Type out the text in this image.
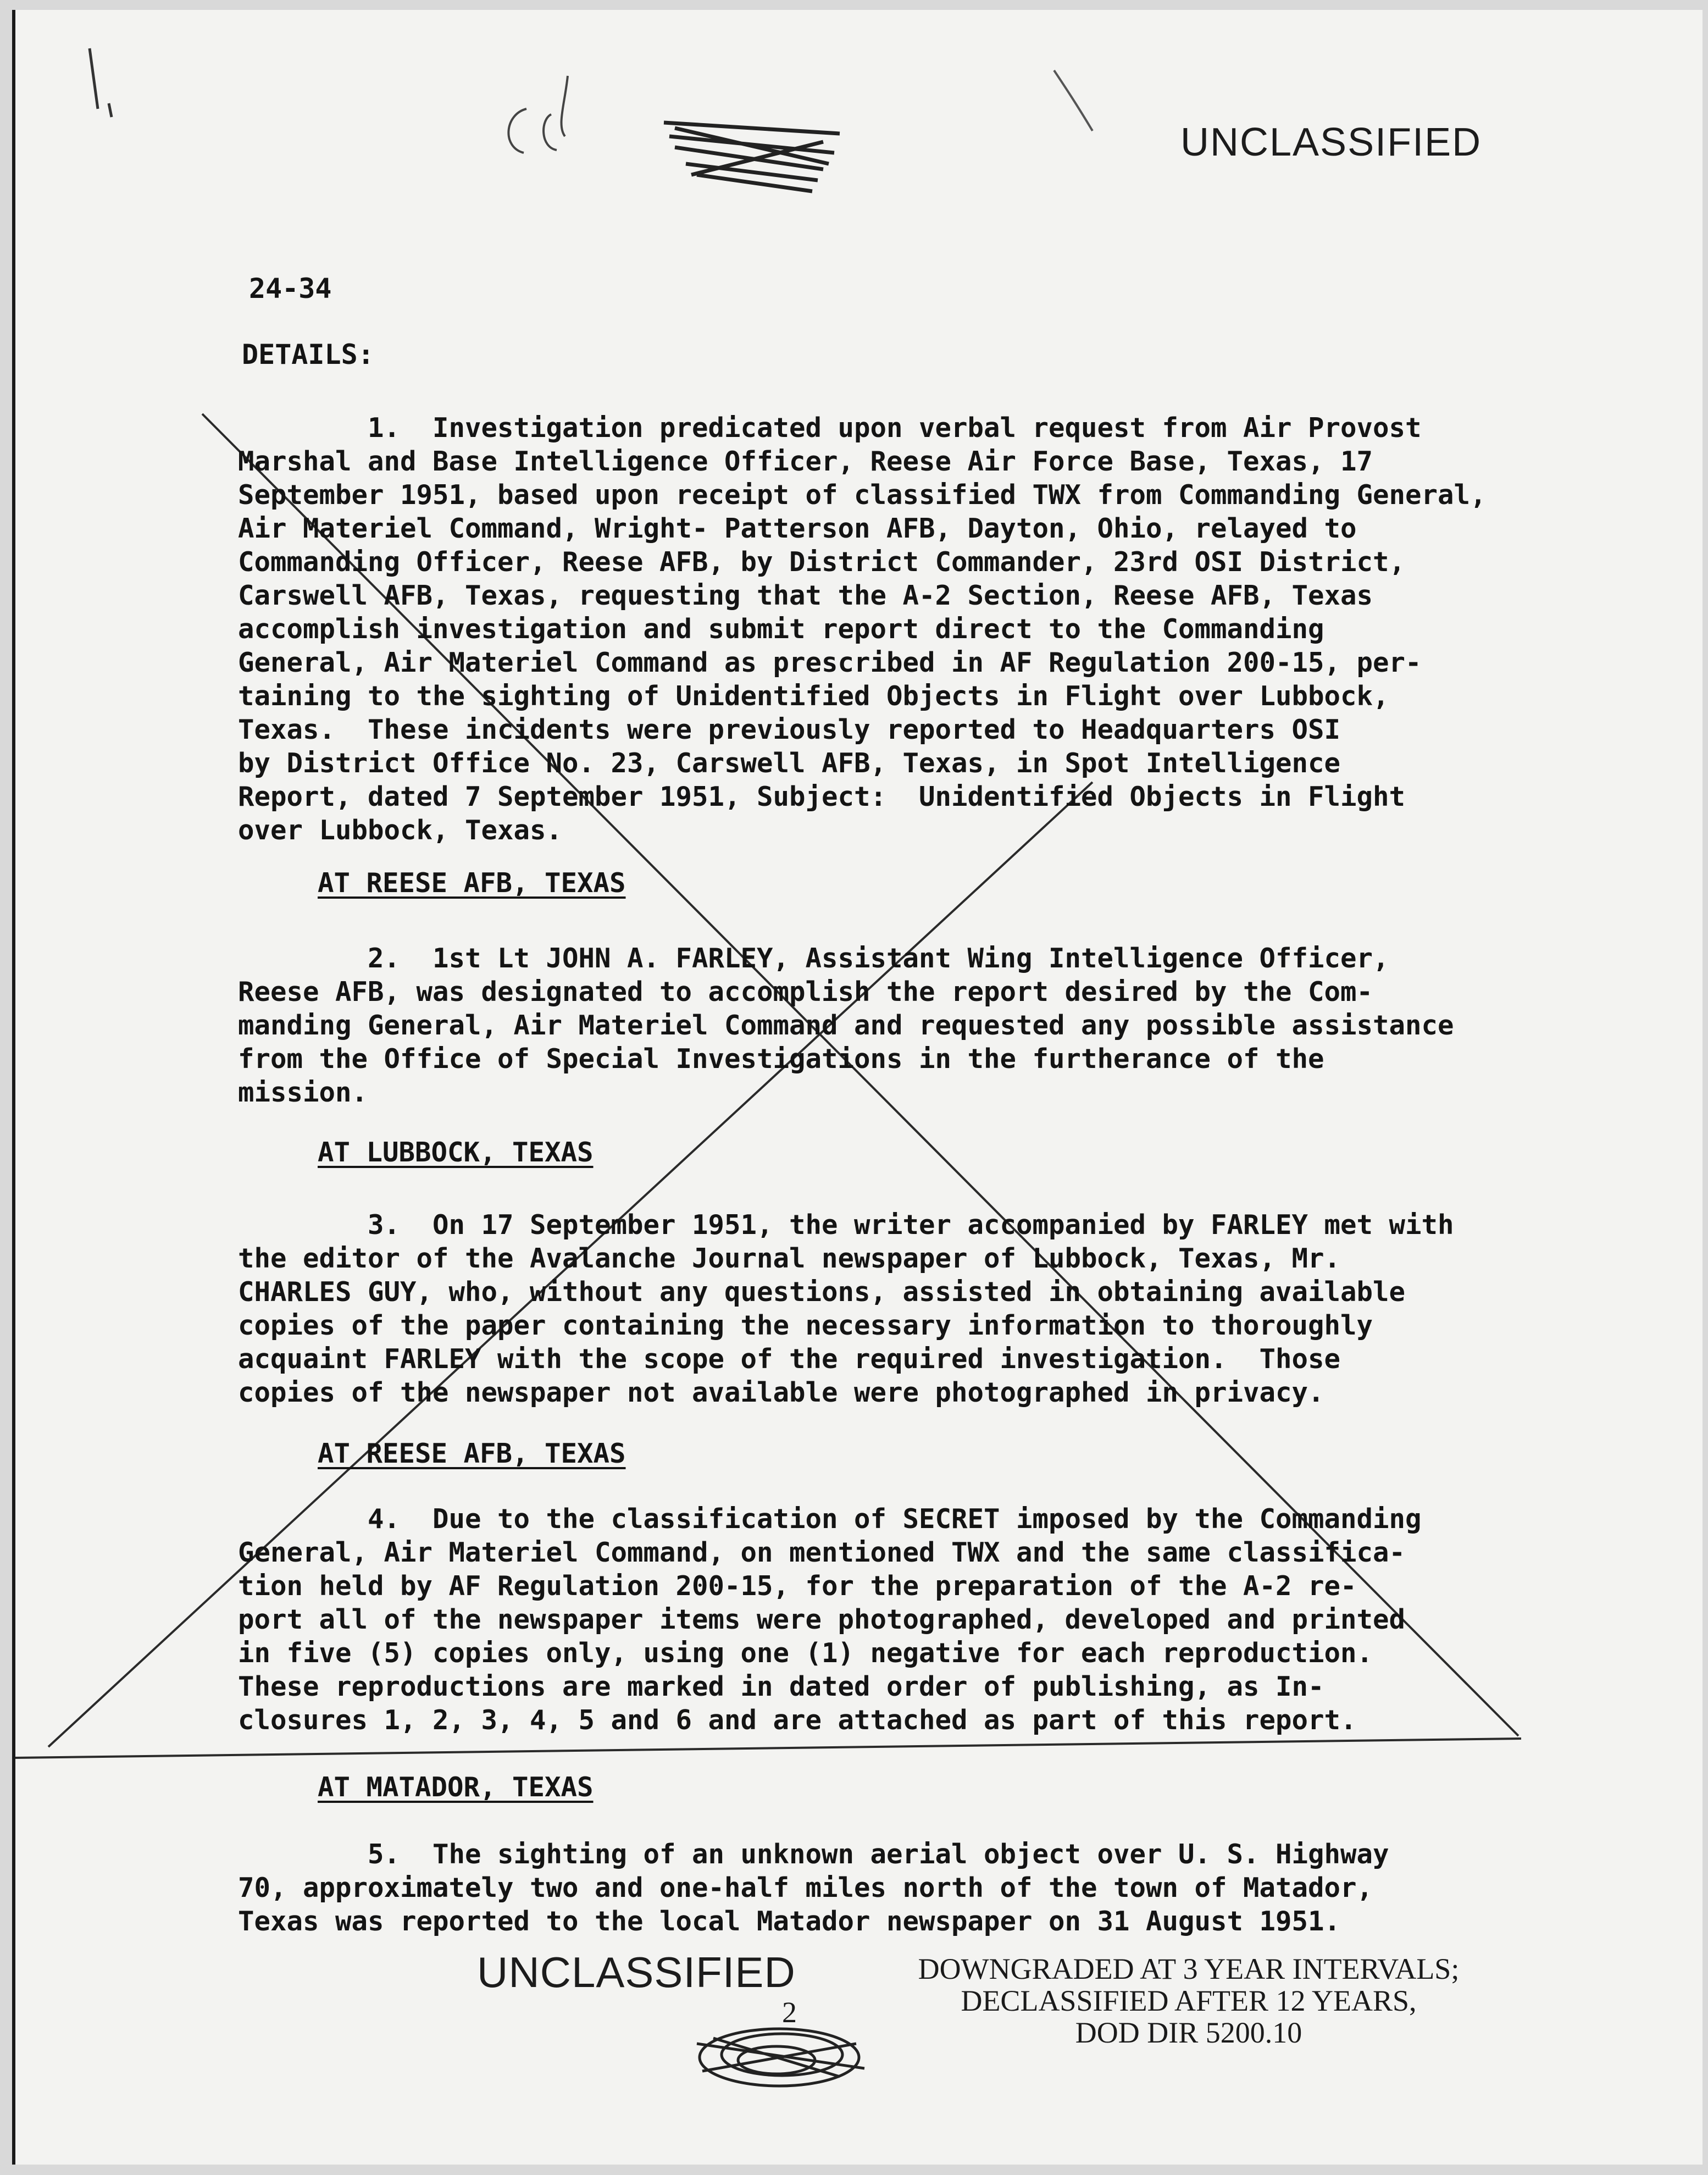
UNCLASSIFIED
24-34
DETAILS:
1.  Investigation predicated upon verbal request from Air Provost
Marshal and Base Intelligence Officer, Reese Air Force Base, Texas, 17
September 1951, based upon receipt of classified TWX from Commanding General,
Air Materiel Command, Wright- Patterson AFB, Dayton, Ohio, relayed to
Commanding Officer, Reese AFB, by District Commander, 23rd OSI District,
Carswell AFB, Texas, requesting that the A-2 Section, Reese AFB, Texas
accomplish investigation and submit report direct to the Commanding
General, Air Materiel Command as prescribed in AF Regulation 200-15, per-
taining to the sighting of Unidentified Objects in Flight over Lubbock,
Texas.  These incidents were previously reported to Headquarters OSI
by District Office No. 23, Carswell AFB, Texas, in Spot Intelligence
Report, dated 7 September 1951, Subject:  Unidentified Objects in Flight
over Lubbock, Texas.
AT REESE AFB, TEXAS
2.  1st Lt JOHN A. FARLEY, Assistant Wing Intelligence Officer,
Reese AFB, was designated to accomplish the report desired by the Com-
manding General, Air Materiel Command and requested any possible assistance
from the Office of Special Investigations in the furtherance of the
mission.
AT LUBBOCK, TEXAS
3.  On 17 September 1951, the writer accompanied by FARLEY met with
the editor of the Avalanche Journal newspaper of Lubbock, Texas, Mr.
CHARLES GUY, who, without any questions, assisted in obtaining available
copies of the paper containing the necessary information to thoroughly
acquaint FARLEY with the scope of the required investigation.  Those
copies of the newspaper not available were photographed in privacy.
AT REESE AFB, TEXAS
4.  Due to the classification of SECRET imposed by the Commanding
General, Air Materiel Command, on mentioned TWX and the same classifica-
tion held by AF Regulation 200-15, for the preparation of the A-2 re-
port all of the newspaper items were photographed, developed and printed
in five (5) copies only, using one (1) negative for each reproduction.
These reproductions are marked in dated order of publishing, as In-
closures 1, 2, 3, 4, 5 and 6 and are attached as part of this report.
AT MATADOR, TEXAS
5.  The sighting of an unknown aerial object over U. S. Highway
70, approximately two and one-half miles north of the town of Matador,
Texas was reported to the local Matador newspaper on 31 August 1951.
UNCLASSIFIED
2
DOWNGRADED AT 3 YEAR INTERVALS;
DECLASSIFIED AFTER 12 YEARS,
DOD DIR 5200.10
